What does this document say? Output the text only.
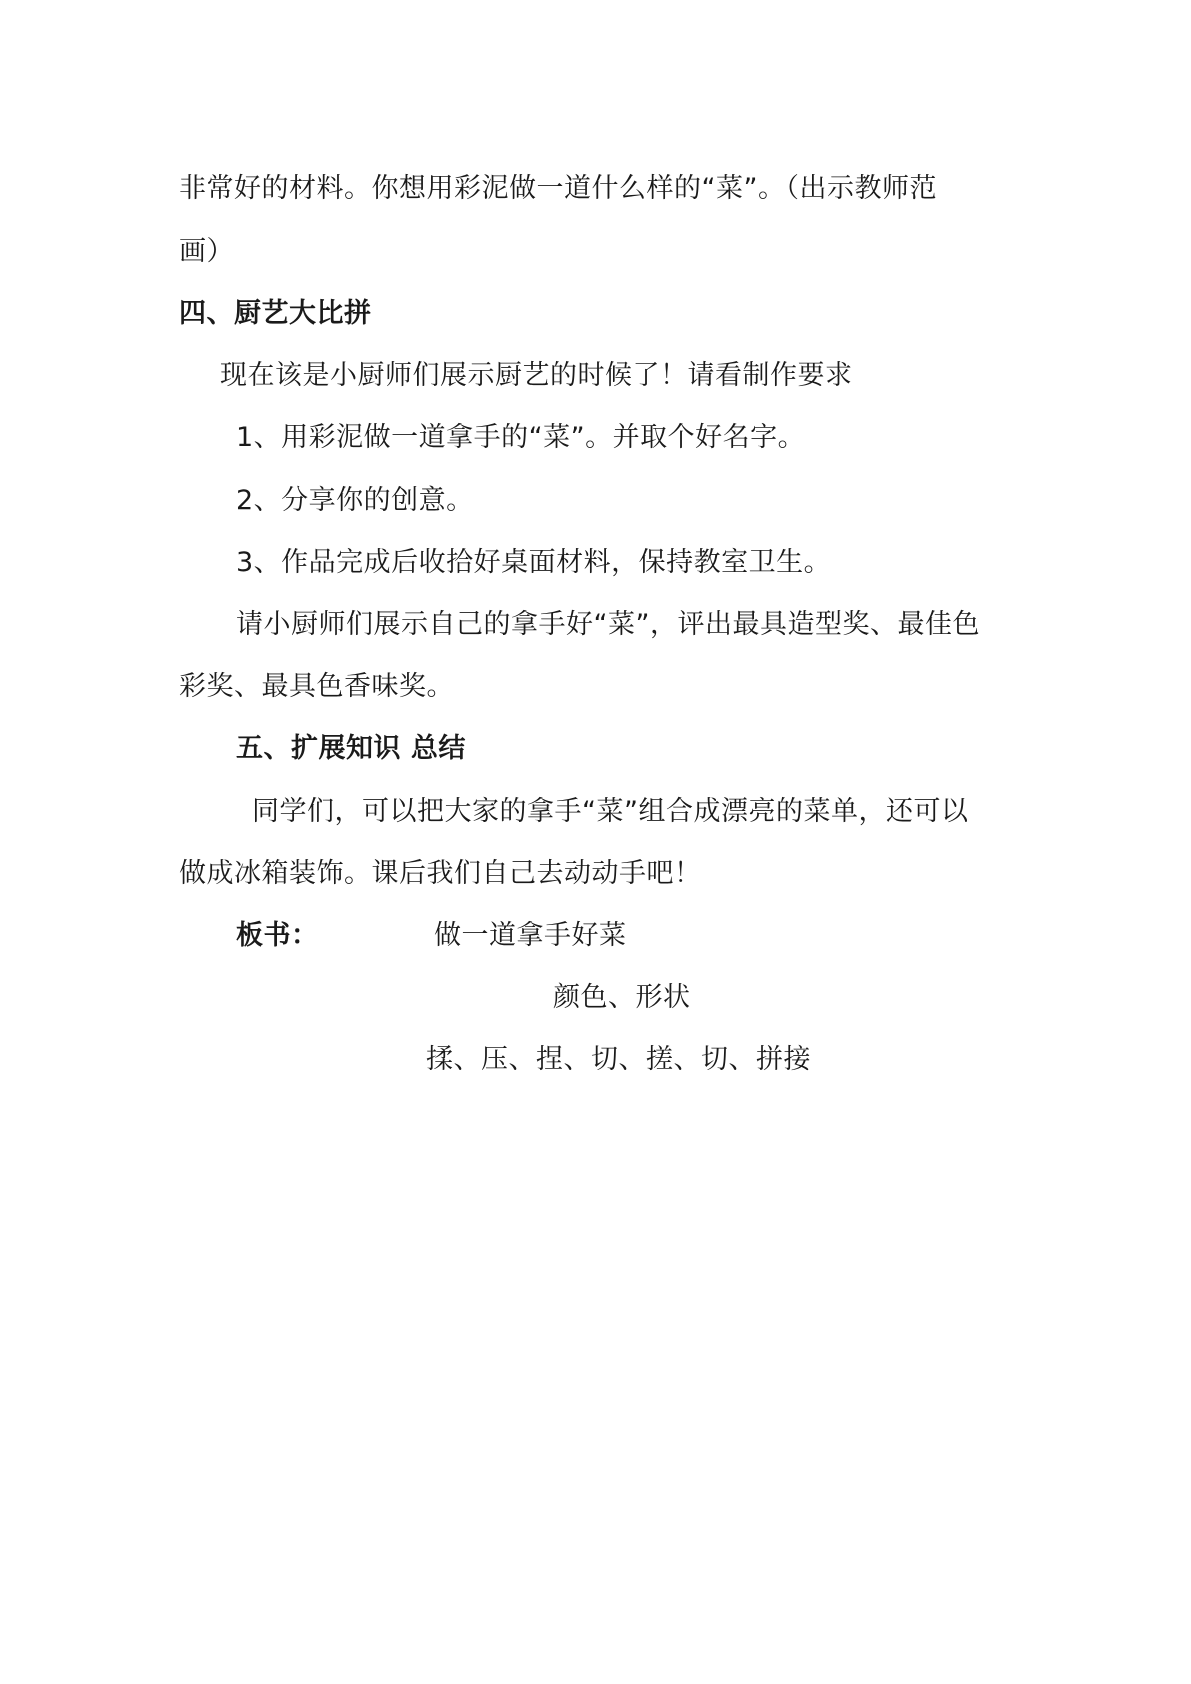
非常好的材料。你想用彩泥做一道什么样的“菜”。（出示教师范
画）
四、厨艺大比拼
现在该是小厨师们展示厨艺的时候了！请看制作要求
1、用彩泥做一道拿手的“菜”。并取个好名字。
2、分享你的创意。
3、作品完成后收拾好桌面材料，保持教室卫生。
请小厨师们展示自己的拿手好“菜”，评出最具造型奖、最佳色
彩奖、最具色香味奖。
五、扩展知识 总结
同学们，可以把大家的拿手“菜”组合成漂亮的菜单，还可以
做成冰箱装饰。课后我们自己去动动手吧！
板书：	做一道拿手好菜
颜色、形状
揉、压、捏、切、搓、切、拼接
